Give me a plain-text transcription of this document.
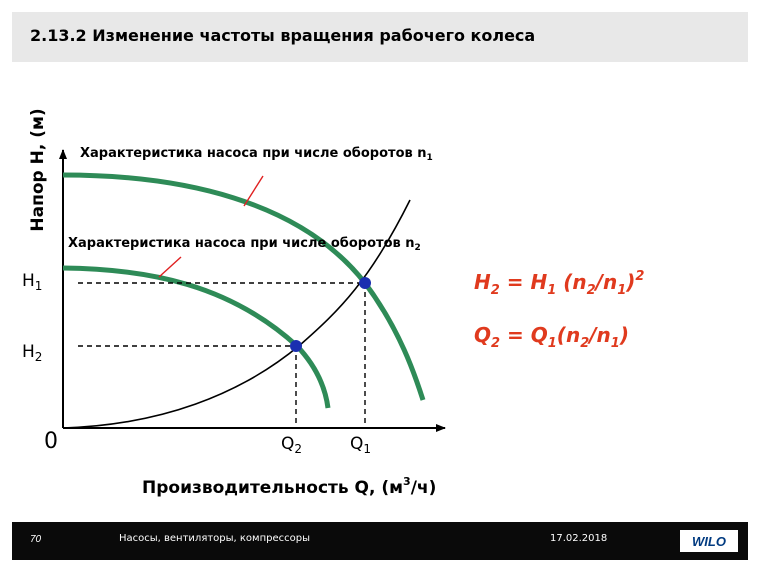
2.13.2 Изменение частоты вращения рабочего колеса
Напор H, (м) Характеристика насоса при числе оборотов $n_1$
Характеристика насоса при числе оборотов $n_2$
$H_1$
$H_2$
0	$Q_2$	$Q_1$
$H_2 = H_1$ $(n_2/n_1)^2$
$Q_2 = Q_1(n_2/n_1)$
Производительность Q, $(м^3/ч)$
70	Насосы, вентиляторы, компрессоры	17.02.2018	WILO
